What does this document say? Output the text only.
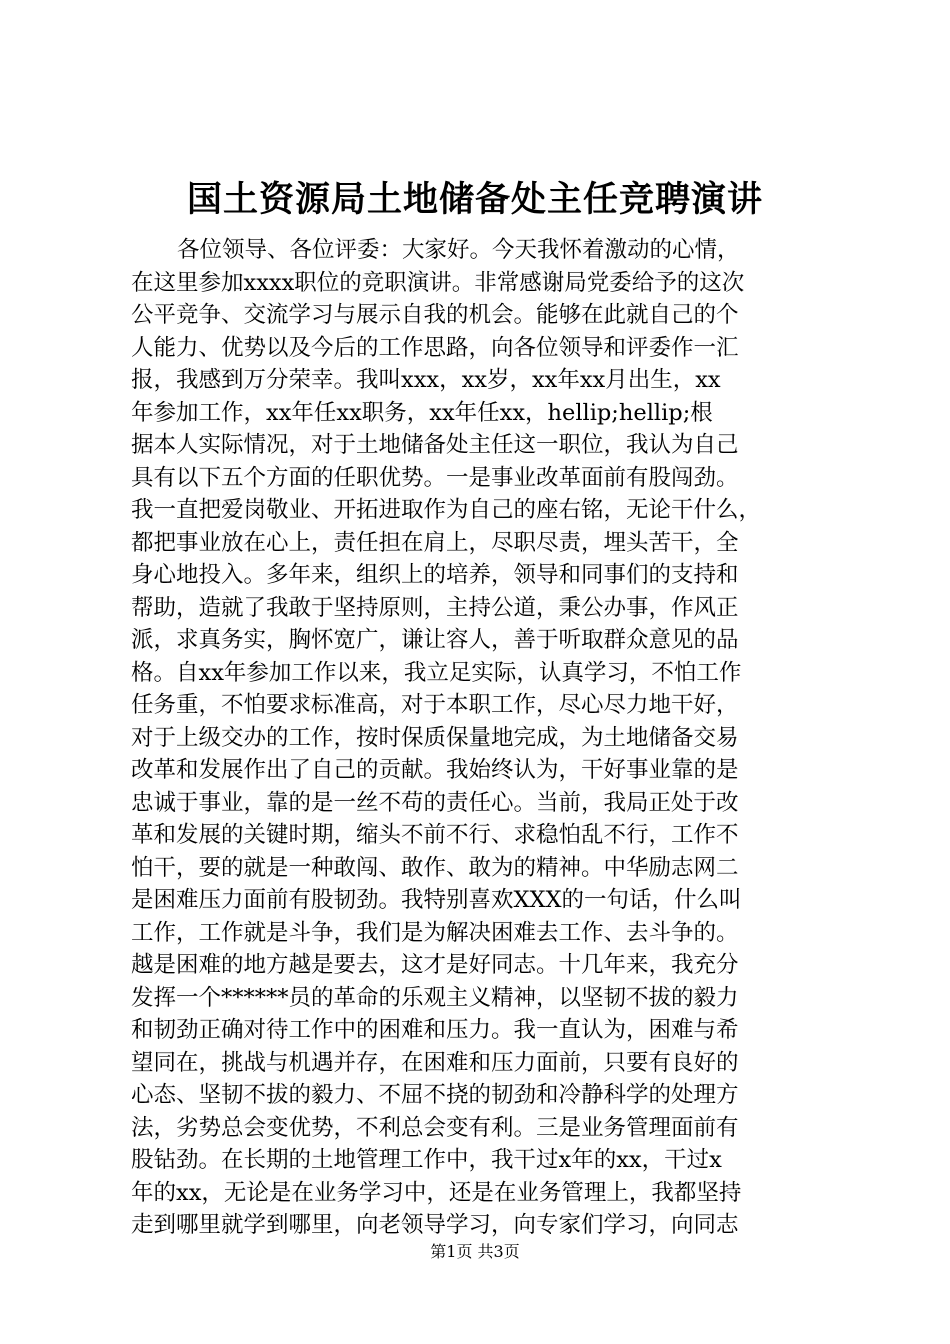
国土资源局土地储备处主任竞聘演讲
各位领导、各位评委：大家好。今天我怀着激动的心情，
在这里参加xxxx职位的竞职演讲。非常感谢局党委给予的这次
公平竞争、交流学习与展示自我的机会。能够在此就自己的个
人能力、优势以及今后的工作思路，向各位领导和评委作一汇
报，我感到万分荣幸。我叫xxx，xx岁，xx年xx月出生，xx
年参加工作，xx年任xx职务，xx年任xx，hellip;hellip;根
据本人实际情况，对于土地储备处主任这一职位，我认为自己
具有以下五个方面的任职优势。一是事业改革面前有股闯劲。
我一直把爱岗敬业、开拓进取作为自己的座右铭，无论干什么，
都把事业放在心上，责任担在肩上，尽职尽责，埋头苦干，全
身心地投入。多年来，组织上的培养，领导和同事们的支持和
帮助，造就了我敢于坚持原则，主持公道，秉公办事，作风正
派，求真务实，胸怀宽广，谦让容人，善于听取群众意见的品
格。自xx年参加工作以来，我立足实际，认真学习，不怕工作
任务重，不怕要求标准高，对于本职工作，尽心尽力地干好，
对于上级交办的工作，按时保质保量地完成，为土地储备交易
改革和发展作出了自己的贡献。我始终认为，干好事业靠的是
忠诚于事业，靠的是一丝不苟的责任心。当前，我局正处于改
革和发展的关键时期，缩头不前不行、求稳怕乱不行，工作不
怕干，要的就是一种敢闯、敢作、敢为的精神。中华励志网二
是困难压力面前有股韧劲。我特别喜欢XXX的一句话，什么叫
工作，工作就是斗争，我们是为解决困难去工作、去斗争的。
越是困难的地方越是要去，这才是好同志。十几年来，我充分
发挥一个******员的革命的乐观主义精神，以坚韧不拔的毅力
和韧劲正确对待工作中的困难和压力。我一直认为，困难与希
望同在，挑战与机遇并存，在困难和压力面前，只要有良好的
心态、坚韧不拔的毅力、不屈不挠的韧劲和冷静科学的处理方
法，劣势总会变优势，不利总会变有利。三是业务管理面前有
股钻劲。在长期的土地管理工作中，我干过x年的xx，干过x
年的xx，无论是在业务学习中，还是在业务管理上，我都坚持
走到哪里就学到哪里，向老领导学习，向专家们学习，向同志
第1页 共3页
